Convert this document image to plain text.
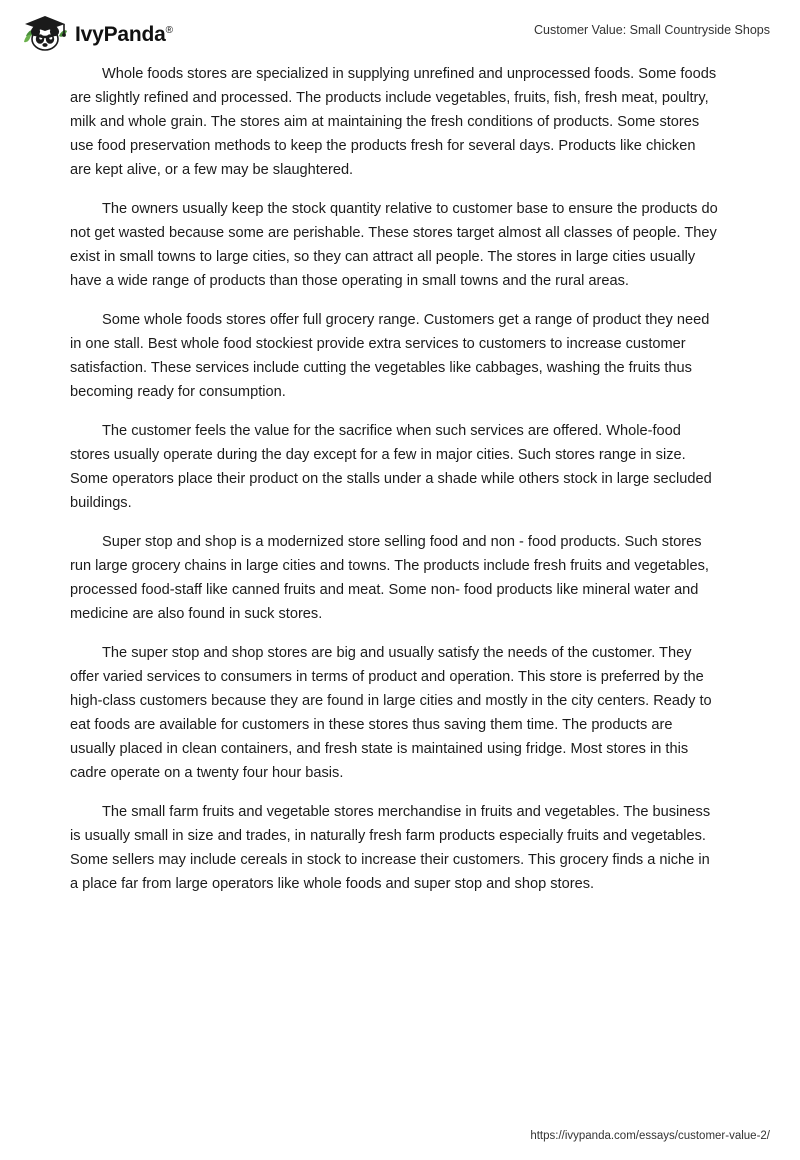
IvyPanda®	Customer Value: Small Countryside Shops

Whole foods stores are specialized in supplying unrefined and unprocessed foods. Some foods are slightly refined and processed. The products include vegetables, fruits, fish, fresh meat, poultry, milk and whole grain. The stores aim at maintaining the fresh conditions of products. Some stores use food preservation methods to keep the products fresh for several days. Products like chicken are kept alive, or a few may be slaughtered.

The owners usually keep the stock quantity relative to customer base to ensure the products do not get wasted because some are perishable. These stores target almost all classes of people. They exist in small towns to large cities, so they can attract all people. The stores in large cities usually have a wide range of products than those operating in small towns and the rural areas.

Some whole foods stores offer full grocery range. Customers get a range of product they need in one stall. Best whole food stockiest provide extra services to customers to increase customer satisfaction. These services include cutting the vegetables like cabbages, washing the fruits thus becoming ready for consumption.

The customer feels the value for the sacrifice when such services are offered. Whole-food stores usually operate during the day except for a few in major cities. Such stores range in size. Some operators place their product on the stalls under a shade while others stock in large secluded buildings.

Super stop and shop is a modernized store selling food and non - food products. Such stores run large grocery chains in large cities and towns. The products include fresh fruits and vegetables, processed food-staff like canned fruits and meat. Some non- food products like mineral water and medicine are also found in suck stores.

The super stop and shop stores are big and usually satisfy the needs of the customer. They offer varied services to consumers in terms of product and operation. This store is preferred by the high-class customers because they are found in large cities and mostly in the city centers. Ready to eat foods are available for customers in these stores thus saving them time. The products are usually placed in clean containers, and fresh state is maintained using fridge. Most stores in this cadre operate on a twenty four hour basis.

The small farm fruits and vegetable stores merchandise in fruits and vegetables. The business is usually small in size and trades, in naturally fresh farm products especially fruits and vegetables. Some sellers may include cereals in stock to increase their customers. This grocery finds a niche in a place far from large operators like whole foods and super stop and shop stores.

https://ivypanda.com/essays/customer-value-2/
